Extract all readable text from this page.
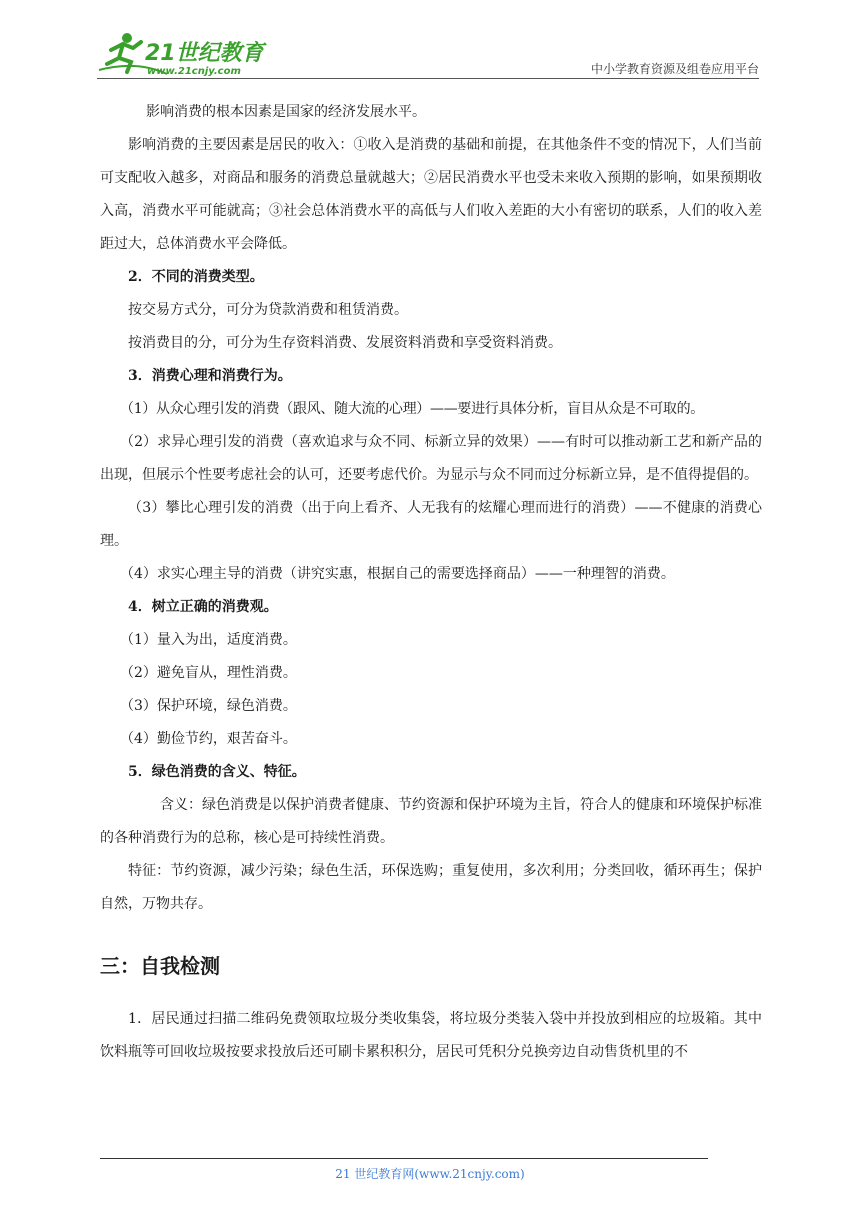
21世纪教育
www.21cnjy.com	中小学教育资源及组卷应用平台

影响消费的根本因素是国家的经济发展水平。

影响消费的主要因素是居民的收入：①收入是消费的基础和前提，在其他条件不变的情况下，人们当前可支配收入越多，对商品和服务的消费总量就越大；②居民消费水平也受未来收入预期的影响，如果预期收入高，消费水平可能就高；③社会总体消费水平的高低与人们收入差距的大小有密切的联系，人们的收入差距过大，总体消费水平会降低。

2．不同的消费类型。

按交易方式分，可分为贷款消费和租赁消费。

按消费目的分，可分为生存资料消费、发展资料消费和享受资料消费。

3．消费心理和消费行为。

（1）从众心理引发的消费（跟风、随大流的心理）——要进行具体分析，盲目从众是不可取的。

（2）求异心理引发的消费（喜欢追求与众不同、标新立异的效果）——有时可以推动新工艺和新产品的出现，但展示个性要考虑社会的认可，还要考虑代价。为显示与众不同而过分标新立异，是不值得提倡的。

（3）攀比心理引发的消费（出于向上看齐、人无我有的炫耀心理而进行的消费）——不健康的消费心理。

（4）求实心理主导的消费（讲究实惠，根据自己的需要选择商品）——一种理智的消费。

4．树立正确的消费观。

（1）量入为出，适度消费。

（2）避免盲从，理性消费。

（3）保护环境，绿色消费。

（4）勤俭节约，艰苦奋斗。

5．绿色消费的含义、特征。

含义：绿色消费是以保护消费者健康、节约资源和保护环境为主旨，符合人的健康和环境保护标准的各种消费行为的总称，核心是可持续性消费。

特征：节约资源，减少污染；绿色生活，环保选购；重复使用，多次利用；分类回收，循环再生；保护自然，万物共存。

三：自我检测

1．居民通过扫描二维码免费领取垃圾分类收集袋，将垃圾分类装入袋中并投放到相应的垃圾箱。其中饮料瓶等可回收垃圾按要求投放后还可刷卡累积积分，居民可凭积分兑换旁边自动售货机里的不

21 世纪教育网(www.21cnjy.com)
